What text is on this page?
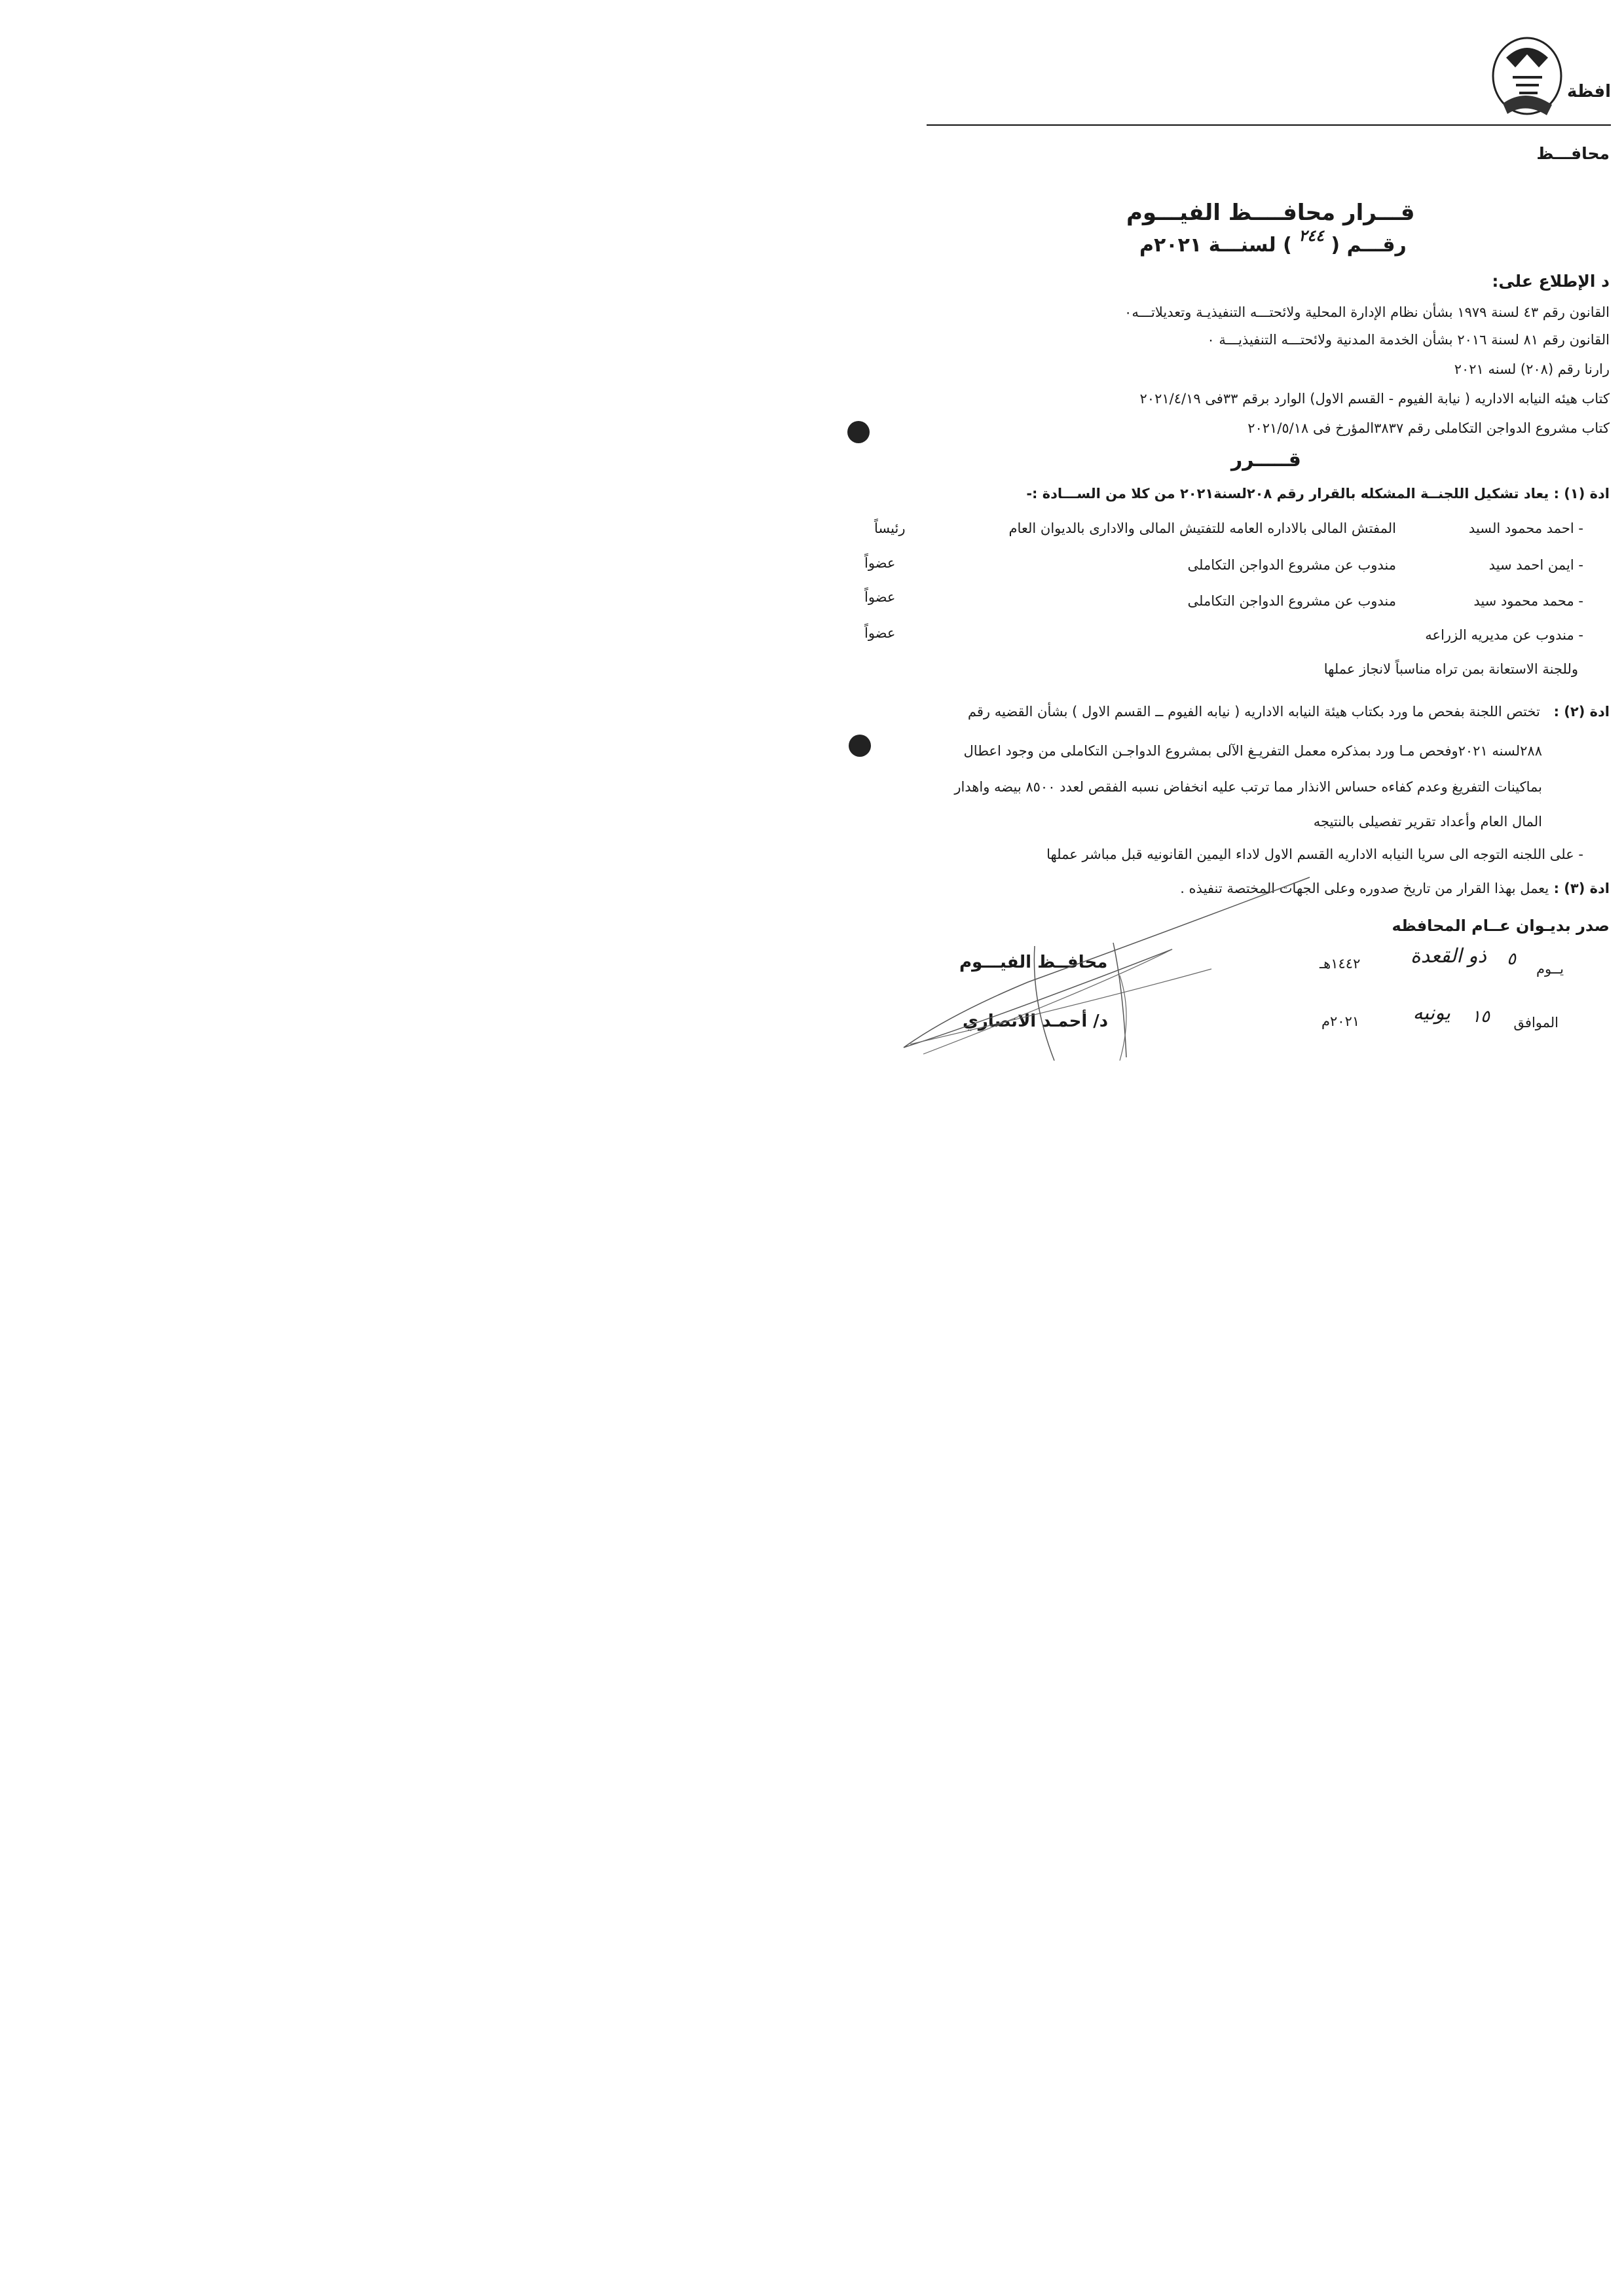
افظة
محافـــظ
قـــرار محافــــظ الفيـــوم
رقـــم ( $^{٢٤٤}$ ) لسنـــة ٢٠٢١م
د الإطلاع على:
القانون رقم ٤٣ لسنة ١٩٧٩ بشأن نظام الإدارة المحلية ولائحتـــه التنفيذيـة وتعديلاتـــه٠
القانون رقم ٨١ لسنة ٢٠١٦ بشأن الخدمة المدنية ولائحتـــه التنفيذيـــة ٠
رارنا رقم (٢٠٨) لسنه ٢٠٢١
كتاب هيئه النيابه الاداريه ( نيابة الفيوم - القسم الاول) الوارد برقم ٣٣فى ٢٠٢١/٤/١٩
كتاب مشروع الدواجن التكاملى رقم ٣٨٣٧المؤرخ فى ٢٠٢١/٥/١٨
قـــــرر
ادة (١) : يعاد تشكيل اللجنــة المشكله بالقرار رقم ٢٠٨لسنة٢٠٢١ من كلا من الســـادة :-
- احمد محمود السيد
المفتش المالى بالاداره العامه للتفتيش المالى والادارى بالديوان العام
رئيساً
- ايمن احمد سيد
مندوب عن مشروع الدواجن التكاملى
عضواً
- محمد محمود سيد
مندوب عن مشروع الدواجن التكاملى
عضواً
- مندوب عن مديريه الزراعه
عضواً
وللجنة الاستعانة بمن تراه مناسباً لانجاز عملها
ادة (٢) :   تختص اللجنة بفحص ما ورد بكتاب هيئة النيابه الاداريه ( نيابه الفيوم ــ القسم الاول ) بشأن القضيه رقم
٢٨٨لسنه ٢٠٢١وفحص مـا ورد بمذكره معمل التفريـغ الآلى بمشروع الدواجـن التكاملى من وجود اعطال
بماكينات التفريغ وعدم كفاءه حساس الانذار مما ترتب عليه انخفاض نسبه الفقص لعدد ٨٥٠٠ بيضه واهدار
المال العام وأعداد تقرير تفصيلى بالنتيجه
- على اللجنه التوجه الى سريا النيابه الاداريه القسم الاول لاداء اليمين القانونيه قبل مباشر عملها
ادة (٣) : يعمل بهذا القرار من تاريخ صدوره وعلى الجهات المختصة تنفيذه .
صدر بديـوان عــام المحافظه
يــوم
٥
ذو القعدة
١٤٤٢هـ
الموافق
١٥
يونيه
٢٠٢١م
محافــظ الفيـــوم
د/ أحمـد الانصاري
